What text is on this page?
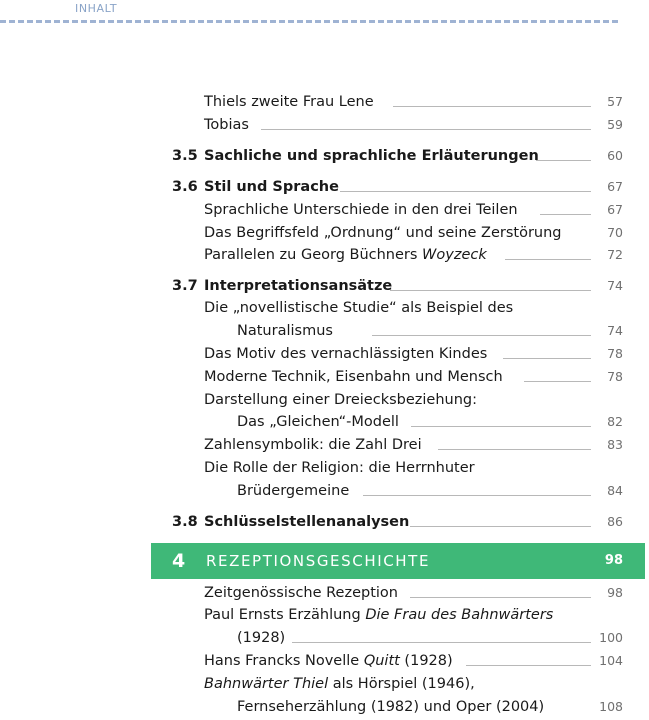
INHALT
Thiels zweite Frau Lene	57
Tobias	59
3.5 Sachliche und sprachliche Erläuterungen	60
3.6 Stil und Sprache	67
Sprachliche Unterschiede in den drei Teilen	67
Das Begriffsfeld „Ordnung“ und seine Zerstörung	70
Parallelen zu Georg Büchners Woyzeck	72
3.7 Interpretationsansätze	74
Die „novellistische Studie“ als Beispiel des
Naturalismus	74
Das Motiv des vernachlässigten Kindes	78
Moderne Technik, Eisenbahn und Mensch	78
Darstellung einer Dreiecksbeziehung:
Das „Gleichen“-Modell	82
Zahlensymbolik: die Zahl Drei	83
Die Rolle der Religion: die Herrnhuter
Brüdergemeine	84
3.8 Schlüsselstellenanalysen	86
4 REZEPTIONSGESCHICHTE	98
Zeitgenössische Rezeption	98
Paul Ernsts Erzählung Die Frau des Bahnwärters
(1928)	100
Hans Francks Novelle Quitt (1928)	104
Bahnwärter Thiel als Hörspiel (1946),
Fernseherzählung (1982) und Oper (2004)	108
